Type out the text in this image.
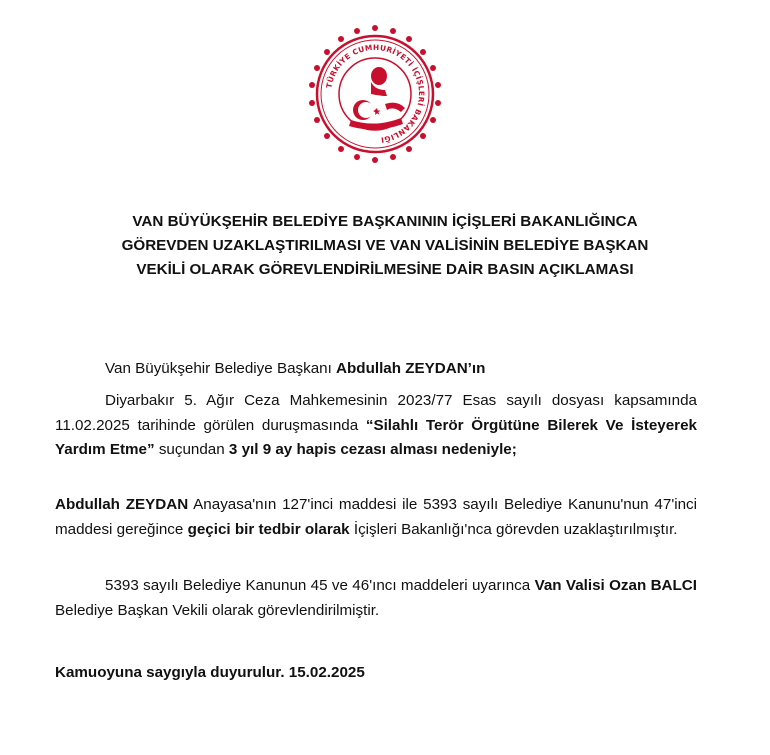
TÜRKİYE CUMHURİYETİ İÇİŞLERİ BAKANLIĞI
VAN BÜYÜKŞEHİR BELEDİYE BAŞKANININ İÇİŞLERİ BAKANLIĞINCA
GÖREVDEN UZAKLAŞTIRILMASI VE VAN VALİSİNİN BELEDİYE BAŞKAN
VEKİLİ OLARAK GÖREVLENDİRİLMESİNE DAİR BASIN AÇIKLAMASI

Van Büyükşehir Belediye Başkanı Abdullah ZEYDAN’ın

Diyarbakır 5. Ağır Ceza Mahkemesinin 2023/77 Esas sayılı dosyası kapsamında 11.02.2025 tarihinde görülen duruşmasında “Silahlı Terör Örgütüne Bilerek Ve İsteyerek Yardım Etme” suçundan 3 yıl 9 ay hapis cezası alması nedeniyle;

Abdullah ZEYDAN Anayasa'nın 127'inci maddesi ile 5393 sayılı Belediye Kanunu'nun 47'inci maddesi gereğince geçici bir tedbir olarak İçişleri Bakanlığı'nca görevden uzaklaştırılmıştır.

5393 sayılı Belediye Kanunun 45 ve 46'ıncı maddeleri uyarınca Van Valisi Ozan BALCI Belediye Başkan Vekili olarak görevlendirilmiştir.

Kamuoyuna saygıyla duyurulur. 15.02.2025
